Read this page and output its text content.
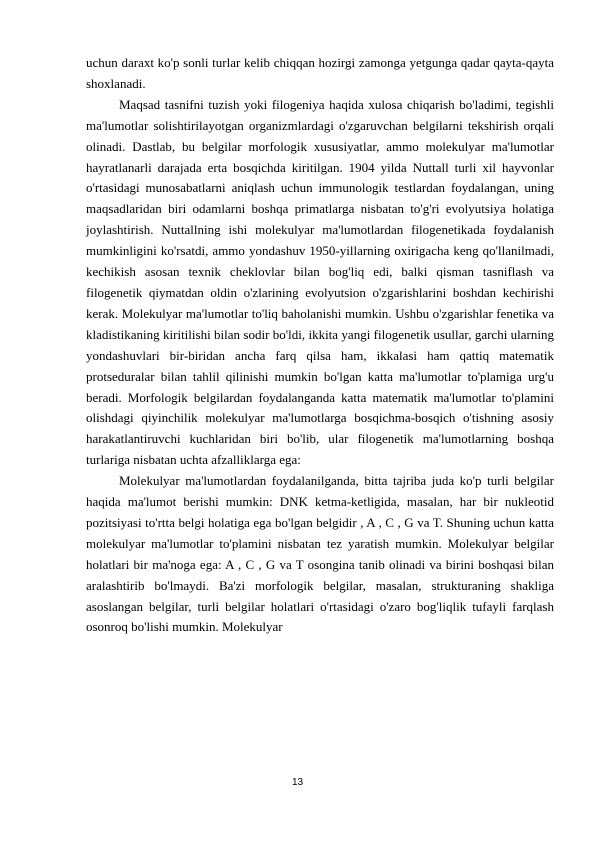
uchun daraxt ko'p sonli turlar kelib chiqqan hozirgi zamonga yetgunga qadar qayta-qayta shoxlanadi.

Maqsad tasnifni tuzish yoki filogeniya haqida xulosa chiqarish bo'ladimi, tegishli ma'lumotlar solishtirilayotgan organizmlardagi o'zgaruvchan belgilarni tekshirish orqali olinadi. Dastlab, bu belgilar morfologik xususiyatlar, ammo molekulyar ma'lumotlar hayratlanarli darajada erta bosqichda kiritilgan. 1904 yilda Nuttall turli xil hayvonlar o'rtasidagi munosabatlarni aniqlash uchun immunologik testlardan foydalangan, uning maqsadlaridan biri odamlarni boshqa primatlarga nisbatan to'g'ri evolyutsiya holatiga joylashtirish. Nuttallning ishi molekulyar ma'lumotlardan filogenetikada foydalanish mumkinligini ko'rsatdi, ammo yondashuv 1950-yillarning oxirigacha keng qo'llanilmadi, kechikish asosan texnik cheklovlar bilan bog'liq edi, balki qisman tasniflash va filogenetik qiymatdan oldin o'zlarining evolyutsion o'zgarishlarini boshdan kechirishi kerak. Molekulyar ma'lumotlar to'liq baholanishi mumkin. Ushbu o'zgarishlar fenetika va kladistikaning kiritilishi bilan sodir bo'ldi, ikkita yangi filogenetik usullar, garchi ularning yondashuvlari bir-biridan ancha farq qilsa ham, ikkalasi ham qattiq matematik protseduralar bilan tahlil qilinishi mumkin bo'lgan katta ma'lumotlar to'plamiga urg'u beradi. Morfologik belgilardan foydalanganda katta matematik ma'lumotlar to'plamini olishdagi qiyinchilik molekulyar ma'lumotlarga bosqichma-bosqich o'tishning asosiy harakatlantiruvchi kuchlaridan biri bo'lib, ular filogenetik ma'lumotlarning boshqa turlariga nisbatan uchta afzalliklarga ega:

Molekulyar ma'lumotlardan foydalanilganda, bitta tajriba juda ko'p turli belgilar haqida ma'lumot berishi mumkin: DNK ketma-ketligida, masalan, har bir nukleotid pozitsiyasi to'rtta belgi holatiga ega bo'lgan belgidir , A , C , G va T. Shuning uchun katta molekulyar ma'lumotlar to'plamini nisbatan tez yaratish mumkin. Molekulyar belgilar holatlari bir ma'noga ega: A , C , G va T osongina tanib olinadi va birini boshqasi bilan aralashtirib bo'lmaydi. Ba'zi morfologik belgilar, masalan, strukturaning shakliga asoslangan belgilar, turli belgilar holatlari o'rtasidagi o'zaro bog'liqlik tufayli farqlash osonroq bo'lishi mumkin. Molekulyar

13
